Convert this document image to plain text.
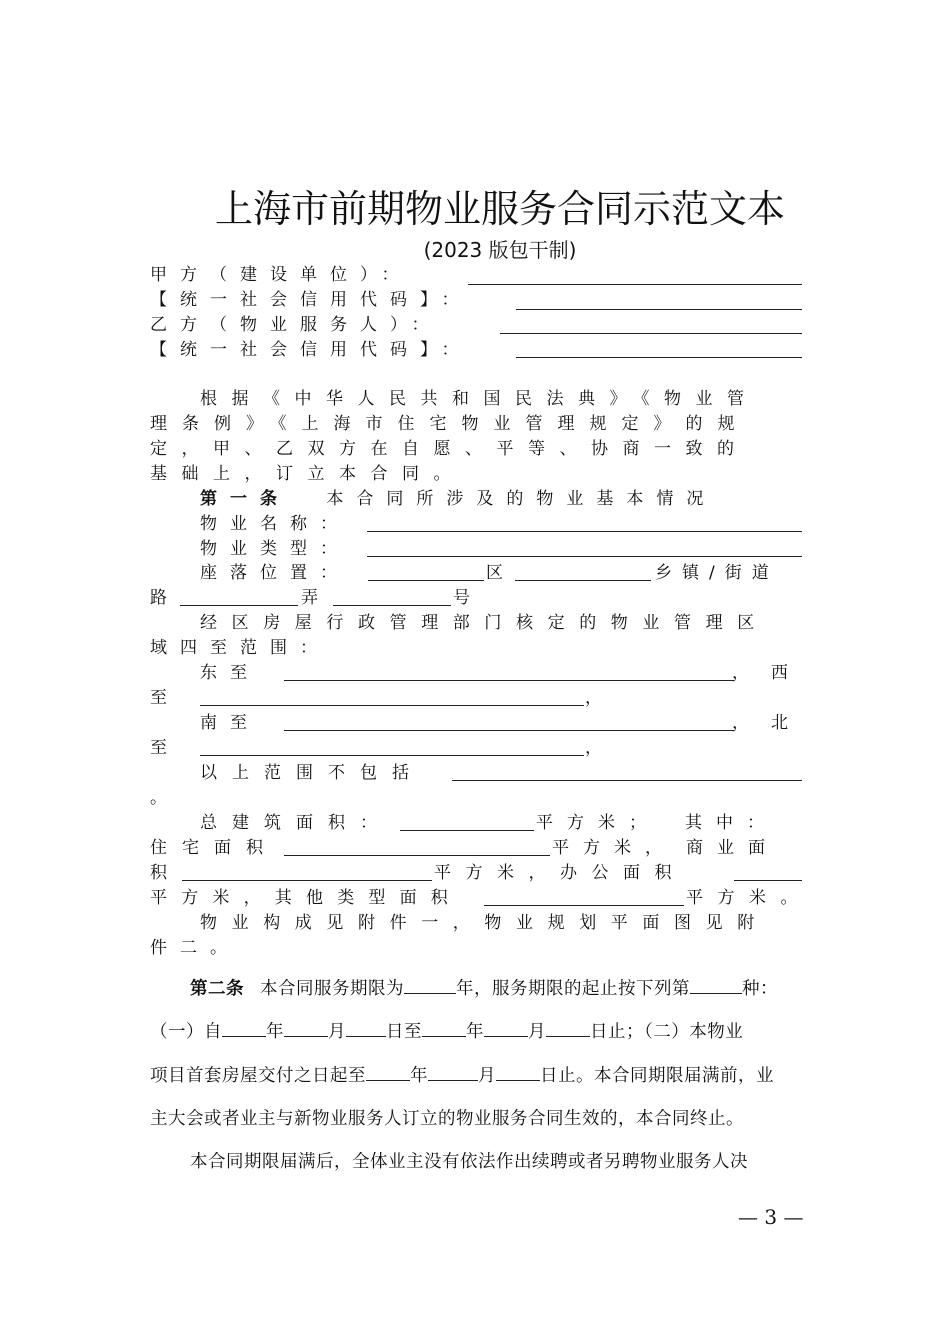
上海市前期物业服务合同示范文本
(2023 版包干制)
甲方（建设单位）：
【统一社会信用代码】：
乙方（物业服务人）：
【统一社会信用代码】：
根据《中华人民共和国民法典》《物业管
理条例》《上海市住宅物业管理规定》的规
定，甲、乙双方在自愿、平等、协商一致的
基础上，订立本合同。
第一条 本合同所涉及的物业基本情况
物业名称：
物业类型：
座落位置：	区	乡镇/街道
路	弄	号
经区房屋行政管理部门核定的物业管理区
域四至范围：
东至	，西
至	，
南至	，北
至	，
以上范围不包括
。
总建筑面积：	平方米；	其中：
住宅面积	平方米， 商业面
积	平方米，办公面积
平方米，其他类型面积	平方米。
物业构成见附件一，物业规划平面图见附
件二。
第二条 本合同服务期限为	年，服务期限的起止按下列第	种：
（一）自	年	月 日至	年	月	日止；（二）本物业
项目首套房屋交付之日起至	年	月	日止。本合同期限届满前，业
主大会或者业主与新物业服务人订立的物业服务合同生效的，本合同终止。
本合同期限届满后，全体业主没有依法作出续聘或者另聘物业服务人决
— 3 —
